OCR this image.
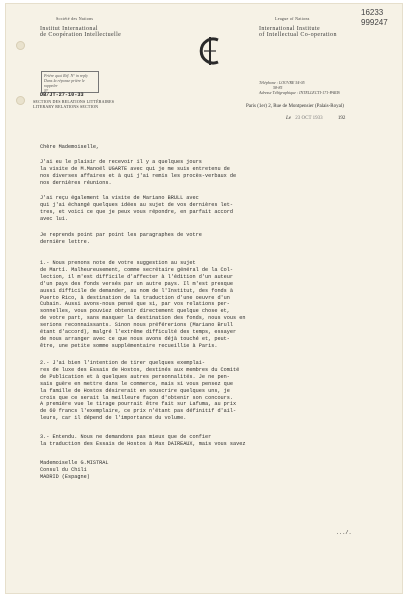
16233
999247
Société des Nations
Institut International
de Coopération Intellectuelle
League of Nations
International Institute
of Intellectual Co-operation
Prière quoi Réf. N° in reply
Dans la réponse prière le rappeler
N°
DB/JT-27-10-33
SECTION DES RELATIONS LITTÉRAIRES
LITERARY RELATIONS SECTION
Téléphone : LOUVRE 54-05
58-85
Adresse Télégraphique : INTELLECTI-171-PARIS
Paris (1er) 2, Rue de Montpensier (Palais-Royal)
Le 23 OCT 1933	192
Chère Mademoiselle,
J'ai eu le plaisir de recevoir il y a quelques jours
la visite de M.Manoël UGARTE avec qui je me suis entretenu de
nos diverses affaires et à qui j'ai remis les procès-verbaux de
nos dernières réunions.
J'ai reçu également la visite de Mariano BRULL avec
qui j'ai échangé quelques idées au sujet de vos dernières let-
tres, et voici ce que je peux vous répondre, en parfait accord
avec lui.
Je reprends point par point les paragraphes de votre
dernière lettre.
1.- Nous prenons note de votre suggestion au sujet
de Martí. Malheureusement, comme secrétaire général de la Col-
lection, il m'est difficile d'affecter à l'édition d'un auteur
d'un pays des fonds versés par un autre pays. Il m'est presque
aussi difficile de demander, au nom de l'Institut, des fonds à
Puerto Rico, à destination de la traduction d'une oeuvre d'un
Cubain. Aussi avons-nous pensé que si, par vos relations per-
sonnelles, vous pouviez obtenir directement quelque chose et,
de votre part, sans masquer la destination des fonds, nous vous en
serions reconnaissants. Sinon nous préférerions (Mariano Brull
étant d'accord), malgré l'extrême difficulté des temps, essayer
de nous arranger avec ce que nous avons déjà touché et, peut-
être, une petite somme supplémentaire recueillie à Paris.
2.- J'ai bien l'intention de tirer quelques exemplai-
res de luxe des Essais de Hostos, destinés aux membres du Comité
de Publication et à quelques autres personnalités. Je ne pen-
sais guère en mettre dans le commerce, mais si vous pensez que
la famille de Hostos désirerait en souscrire quelques uns, je
crois que ce serait la meilleure façon d'obtenir son concours.
A première vue le tirage pourrait être fait sur Lafuma, au prix
de 60 francs l'exemplaire, ce prix n'étant pas définitif d'ail-
leurs, car il dépend de l'importance du volume.
3.- Entendu. Nous ne demandons pas mieux que de confier
la traduction des Essais de Hostos à Max DAIREAUX, mais vous savez
.../.
Mademoiselle G.MISTRAL
Consul du Chili
MADRID (Espagne)
